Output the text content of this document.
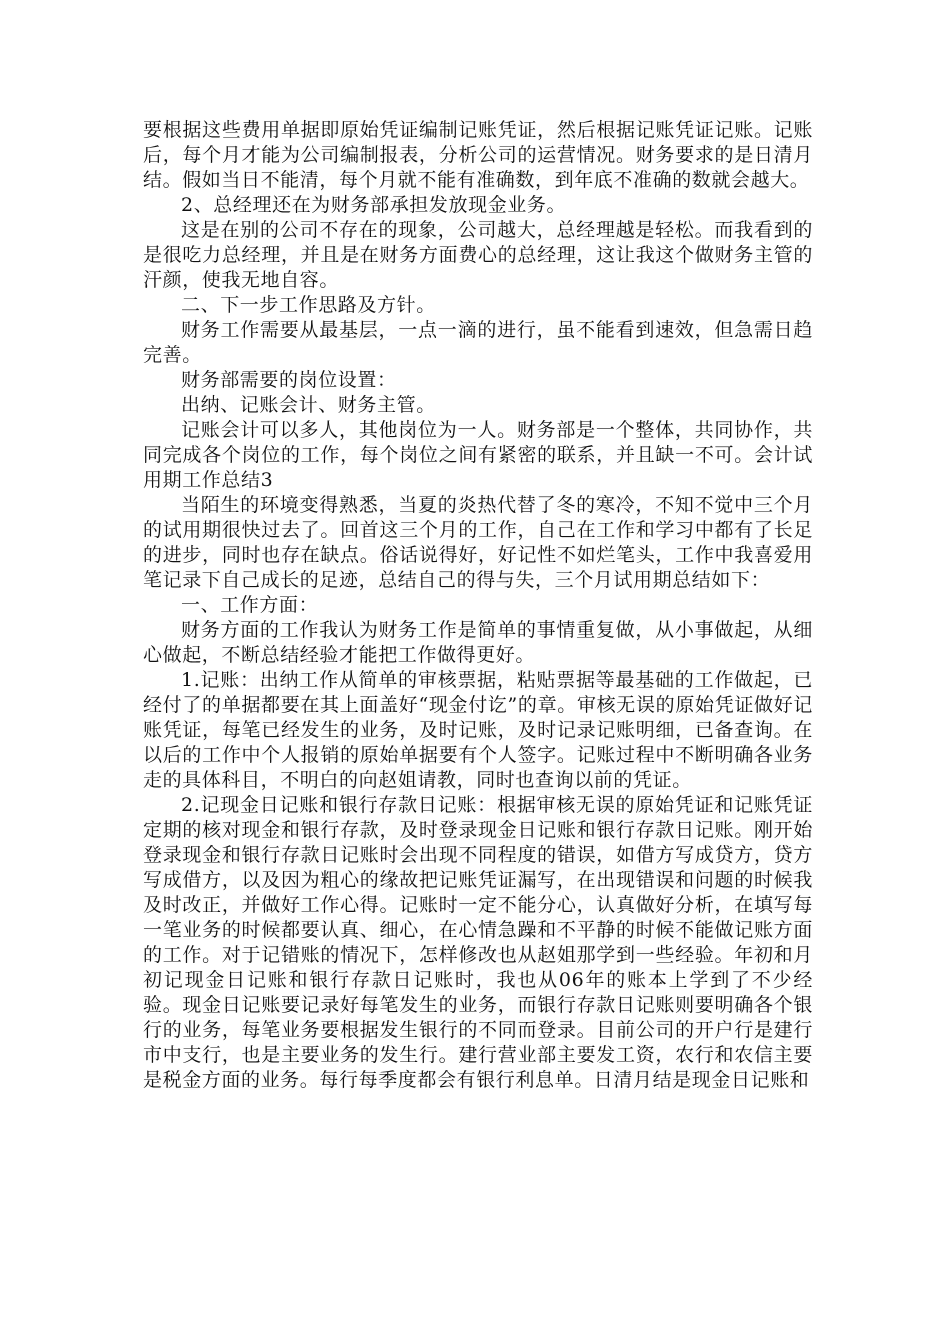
要根据这些费用单据即原始凭证编制记账凭证，然后根据记账凭证记账。记账后，每个月才能为公司编制报表，分析公司的运营情况。财务要求的是日清月结。假如当日不能清，每个月就不能有准确数，到年底不准确的数就会越大。

2、总经理还在为财务部承担发放现金业务。

这是在别的公司不存在的现象，公司越大，总经理越是轻松。而我看到的是很吃力总经理，并且是在财务方面费心的总经理，这让我这个做财务主管的汗颜，使我无地自容。

二、下一步工作思路及方针。

财务工作需要从最基层，一点一滴的进行，虽不能看到速效，但急需日趋完善。

财务部需要的岗位设置：

出纳、记账会计、财务主管。

记账会计可以多人，其他岗位为一人。财务部是一个整体，共同协作，共同完成各个岗位的工作，每个岗位之间有紧密的联系，并且缺一不可。会计试用期工作总结3

当陌生的环境变得熟悉，当夏的炎热代替了冬的寒冷，不知不觉中三个月的试用期很快过去了。回首这三个月的工作，自己在工作和学习中都有了长足的进步，同时也存在缺点。俗话说得好，好记性不如烂笔头，工作中我喜爱用笔记录下自己成长的足迹，总结自己的得与失，三个月试用期总结如下：

一、工作方面：

财务方面的工作我认为财务工作是简单的事情重复做，从小事做起，从细心做起，不断总结经验才能把工作做得更好。

1.记账：出纳工作从简单的审核票据，粘贴票据等最基础的工作做起，已经付了的单据都要在其上面盖好“现金付讫”的章。审核无误的原始凭证做好记账凭证，每笔已经发生的业务，及时记账，及时记录记账明细，已备查询。在以后的工作中个人报销的原始单据要有个人签字。记账过程中不断明确各业务走的具体科目，不明白的向赵姐请教，同时也查询以前的凭证。

2.记现金日记账和银行存款日记账：根据审核无误的原始凭证和记账凭证定期的核对现金和银行存款，及时登录现金日记账和银行存款日记账。刚开始登录现金和银行存款日记账时会出现不同程度的错误，如借方写成贷方，贷方写成借方，以及因为粗心的缘故把记账凭证漏写，在出现错误和问题的时候我及时改正，并做好工作心得。记账时一定不能分心，认真做好分析，在填写每一笔业务的时候都要认真、细心，在心情急躁和不平静的时候不能做记账方面的工作。对于记错账的情况下，怎样修改也从赵姐那学到一些经验。年初和月初记现金日记账和银行存款日记账时，我也从06年的账本上学到了不少经验。现金日记账要记录好每笔发生的业务，而银行存款日记账则要明确各个银行的业务，每笔业务要根据发生银行的不同而登录。目前公司的开户行是建行市中支行，也是主要业务的发生行。建行营业部主要发工资，农行和农信主要是税金方面的业务。每行每季度都会有银行利息单。日清月结是现金日记账和
